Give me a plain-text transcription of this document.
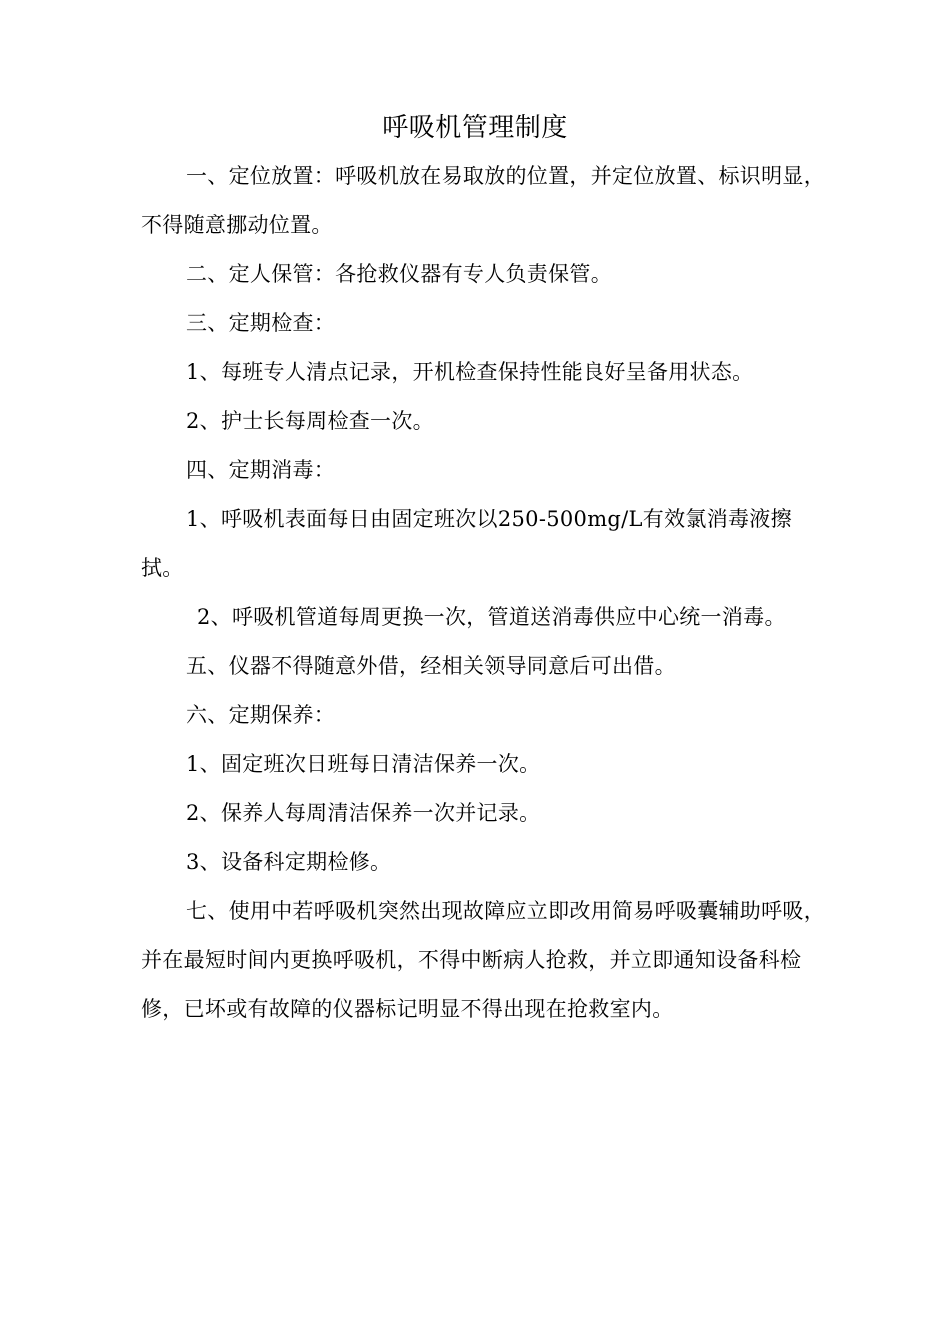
呼吸机管理制度

一、定位放置：呼吸机放在易取放的位置，并定位放置、标识明显，不得随意挪动位置。

二、定人保管：各抢救仪器有专人负责保管。

三、定期检查：

1、每班专人清点记录，开机检查保持性能良好呈备用状态。

2、护士长每周检查一次。

四、定期消毒：

1、呼吸机表面每日由固定班次以250-500mg/L有效氯消毒液擦拭。

2、呼吸机管道每周更换一次，管道送消毒供应中心统一消毒。

五、仪器不得随意外借，经相关领导同意后可出借。

六、定期保养：

1、固定班次日班每日清洁保养一次。

2、保养人每周清洁保养一次并记录。

3、设备科定期检修。

七、使用中若呼吸机突然出现故障应立即改用简易呼吸囊辅助呼吸，并在最短时间内更换呼吸机，不得中断病人抢救，并立即通知设备科检修，已坏或有故障的仪器标记明显不得出现在抢救室内。
